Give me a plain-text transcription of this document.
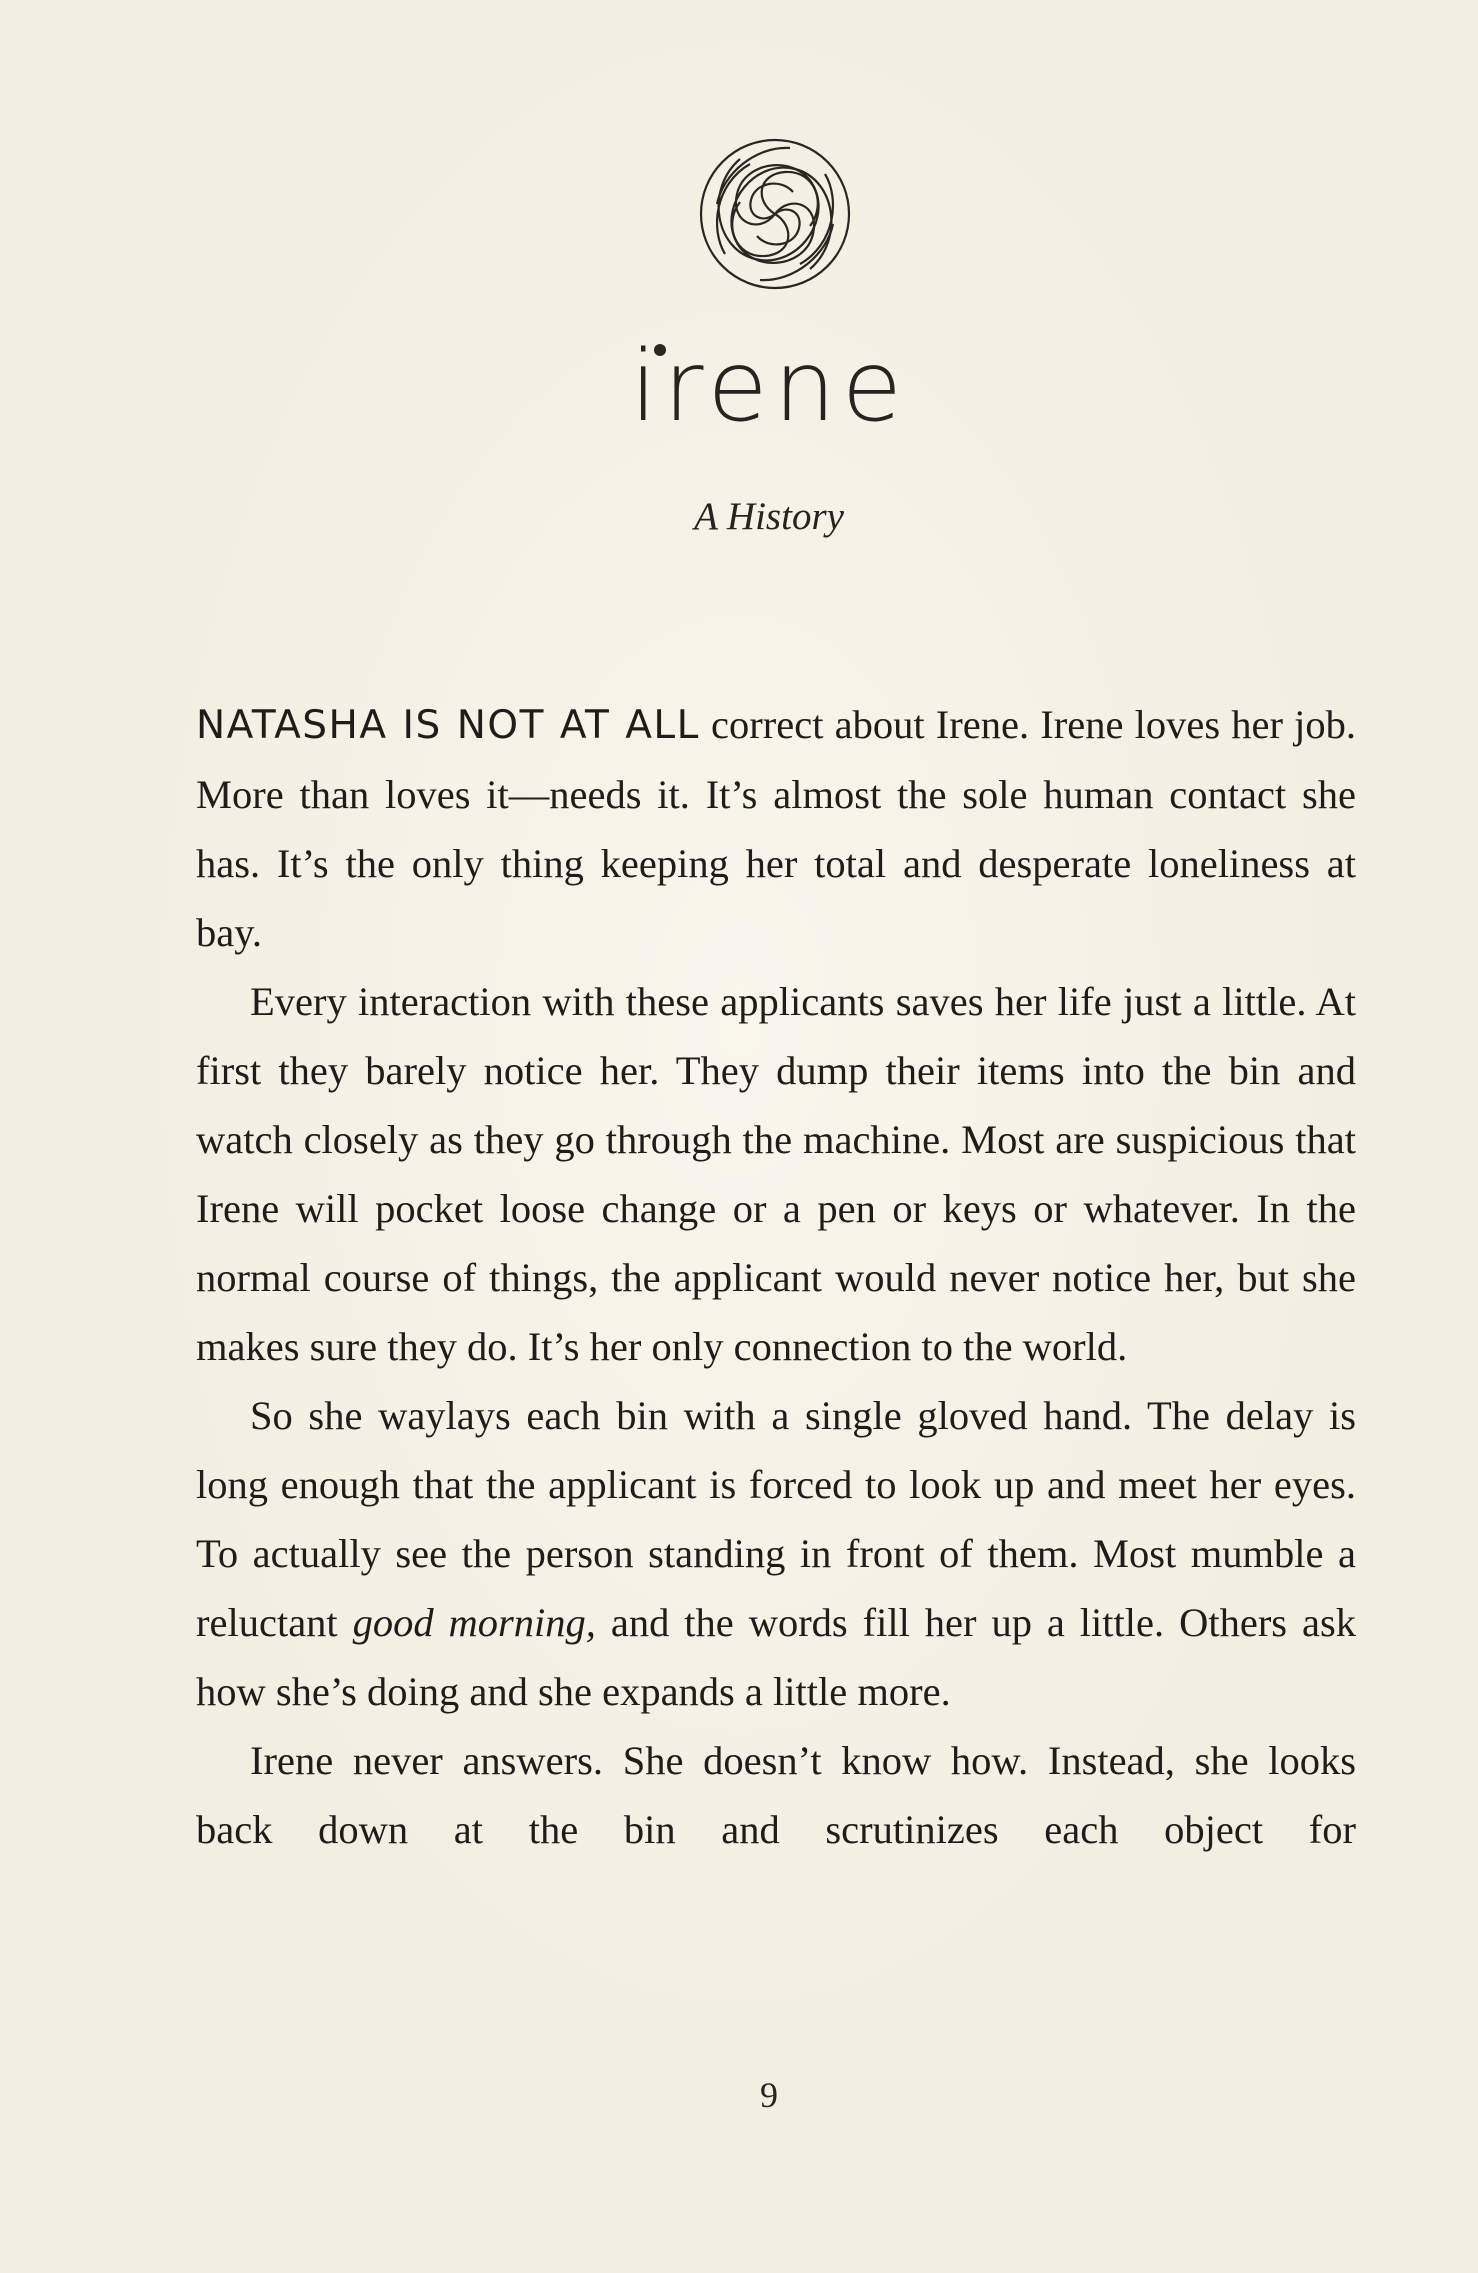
irene
A History

NATASHA IS NOT AT ALL correct about Irene. Irene loves her job. More than loves it—needs it. It’s almost the sole human contact she has. It’s the only thing keeping her total and desperate loneliness at bay.

Every interaction with these applicants saves her life just a little. At first they barely notice her. They dump their items into the bin and watch closely as they go through the machine. Most are suspicious that Irene will pocket loose change or a pen or keys or whatever. In the normal course of things, the applicant would never notice her, but she makes sure they do. It’s her only connection to the world.

So she waylays each bin with a single gloved hand. The delay is long enough that the applicant is forced to look up and meet her eyes. To actually see the person standing in front of them. Most mumble a reluctant good morning, and the words fill her up a little. Others ask how she’s doing and she expands a little more.

Irene never answers. She doesn’t know how. Instead, she looks back down at the bin and scrutinizes each object for

9
